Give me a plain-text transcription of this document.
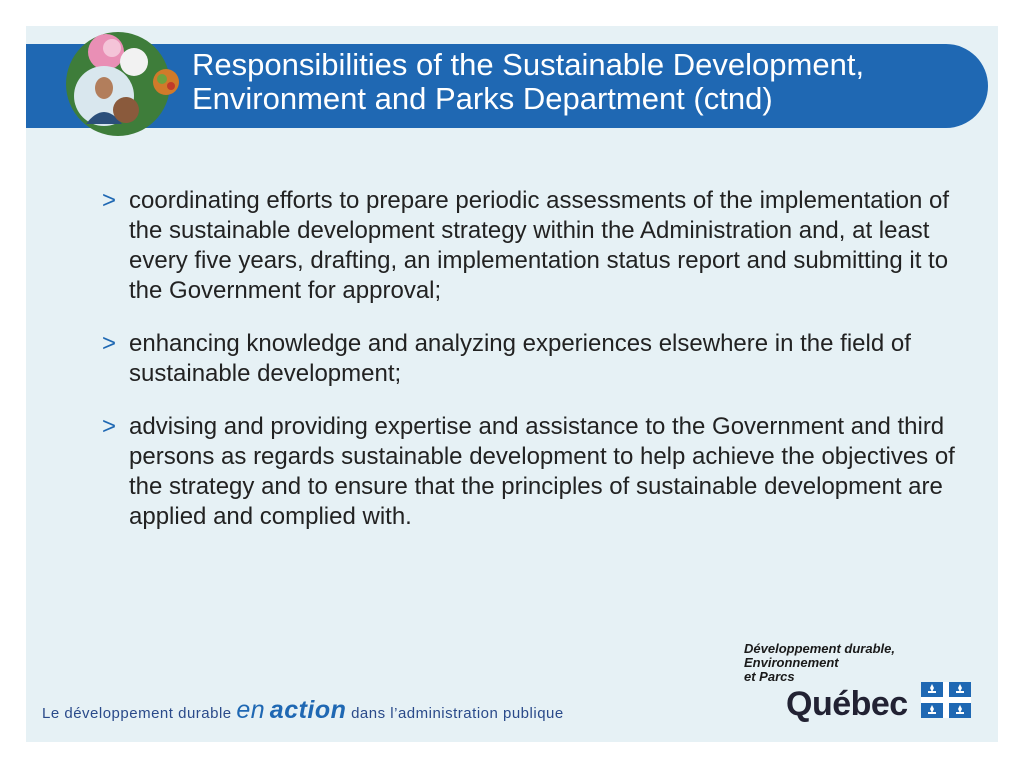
Responsibilities of the Sustainable Development,
Environment and Parks Department (ctnd)
> coordinating efforts to prepare periodic assessments of the implementation of the sustainable development strategy within the Administration and, at least every five years, drafting, an implementation status report and submitting it to the Government for approval;
> enhancing knowledge and analyzing experiences elsewhere in the field of sustainable development;
> advising and providing expertise and assistance to the Government and third persons as regards sustainable development to help achieve the objectives of the strategy and to ensure that the principles of sustainable development are applied and complied with.
Le développement durable en action dans l’administration publique
Développement durable,
Environnement
et Parcs
Québec
